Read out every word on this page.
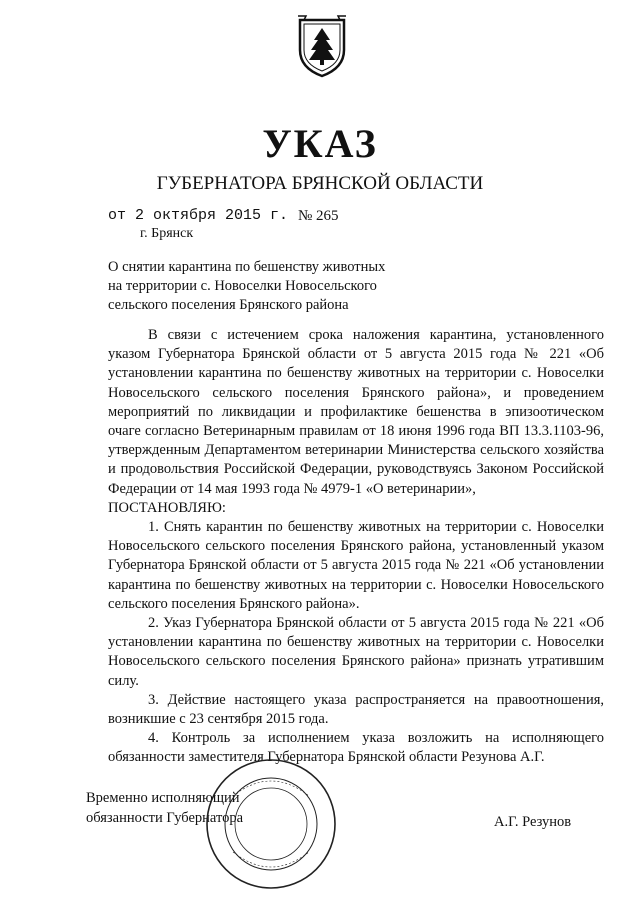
УКАЗ
ГУБЕРНАТОРА БРЯНСКОЙ ОБЛАСТИ
от 2 октября 2015 г. № 265
г. Брянск
О снятии карантина по бешенству животных
на территории с. Новоселки Новосельского
сельского поселения Брянского района

В связи с истечением срока наложения карантина, установленного указом Губернатора Брянской области от 5 августа 2015 года № 221 «Об установлении карантина по бешенству животных на территории с. Новоселки Новосельского сельского поселения Брянского района», и проведением мероприятий по ликвидации и профилактике бешенства в эпизоотическом очаге согласно Ветеринарным правилам от 18 июня 1996 года ВП 13.3.1103-96, утвержденным Департаментом ветеринарии Министерства сельского хозяйства и продовольствия Российской Федерации, руководствуясь Законом Российской Федерации от 14 мая 1993 года № 4979-1 «О ветеринарии»,

ПОСТАНОВЛЯЮ:

1. Снять карантин по бешенству животных на территории с. Новоселки Новосельского сельского поселения Брянского района, установленный указом Губернатора Брянской области от 5 августа 2015 года № 221 «Об установлении карантина по бешенству животных на территории с. Новоселки Новосельского сельского поселения Брянского района».

2. Указ Губернатора Брянской области от 5 августа 2015 года № 221 «Об установлении карантина по бешенству животных на территории с. Новоселки Новосельского сельского поселения Брянского района» признать утратившим силу.

3. Действие настоящего указа распространяется на правоотношения, возникшие с 23 сентября 2015 года.

4. Контроль за исполнением указа возложить на исполняющего обязанности заместителя Губернатора Брянской области Резунова А.Г.

Временно исполняющий
обязанности Губернатора	А.Г. Резунов
